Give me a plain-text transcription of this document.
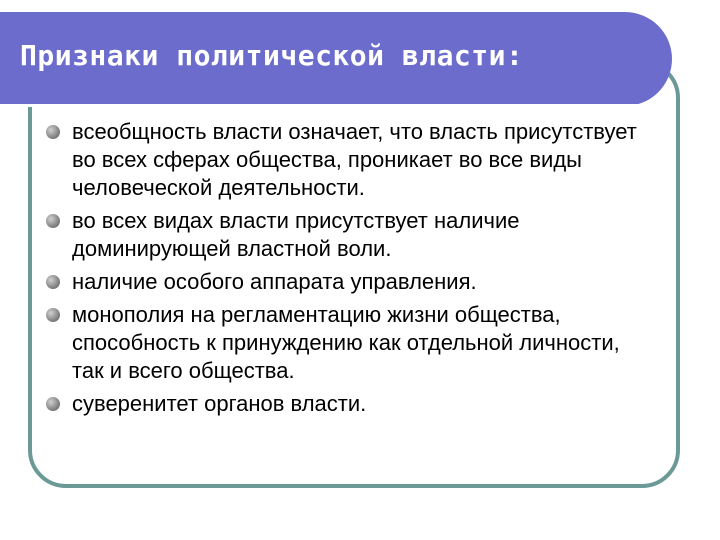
Признаки политической власти:
всеобщность власти означает, что власть присутствует во всех сферах общества, проникает во все виды человеческой деятельности.
во всех видах власти присутствует наличие доминирующей властной воли.
наличие особого аппарата управления.
монополия на регламентацию жизни общества, способность к принуждению как отдельной личности, так и всего общества.
суверенитет органов власти.
